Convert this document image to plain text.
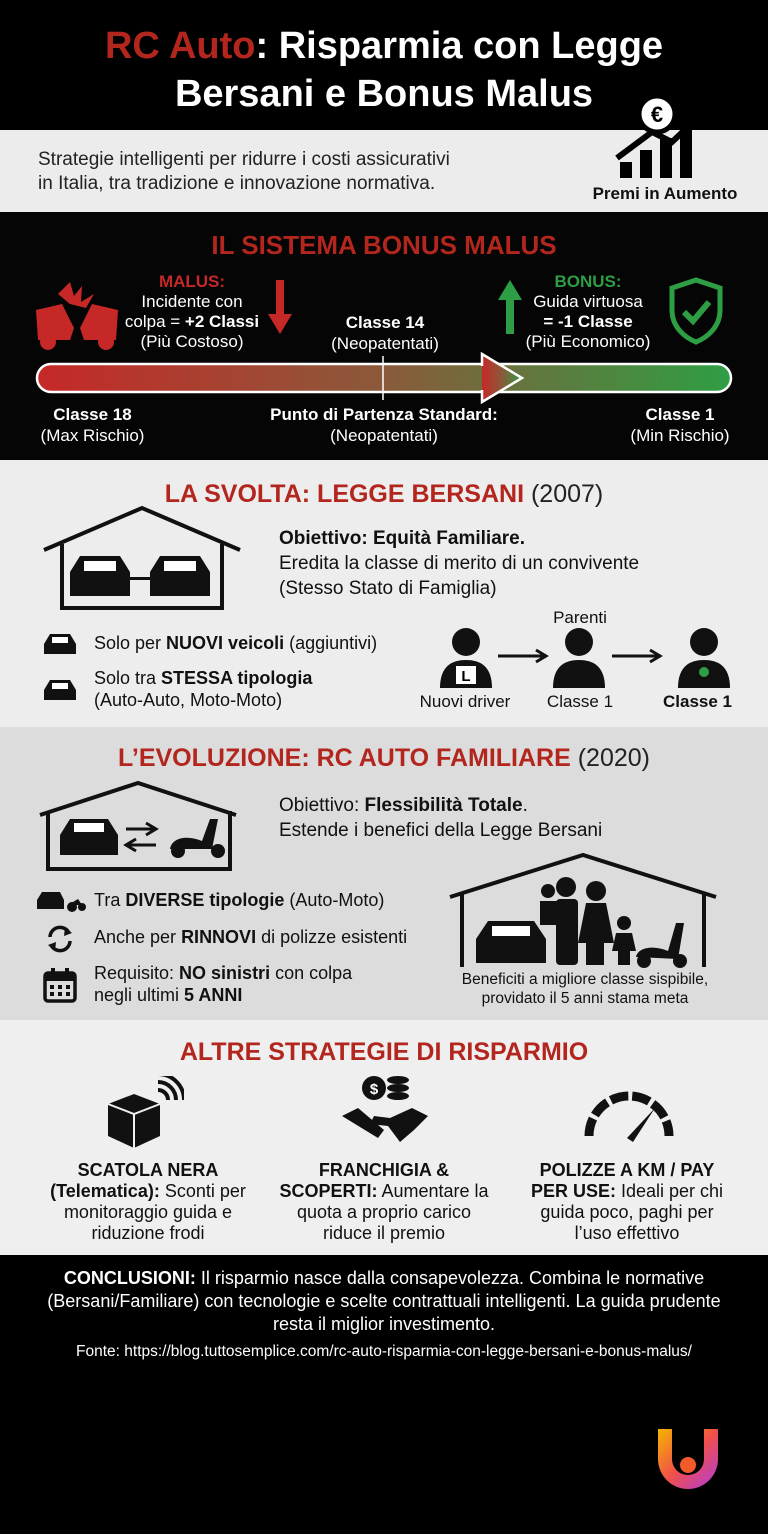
RC Auto: Risparmia con Legge
Bersani e Bonus Malus
Strategie intelligenti per ridurre i costi assicurativi
in Italia, tra tradizione e innovazione normativa.
€
Premi in Aumento
IL SISTEMA BONUS MALUS
MALUS:
Incidente con
colpa = +2 Classi
(Più Costoso)
BONUS:
Guida virtuosa
= -1 Classe
(Più Economico)
Classe 14
(Neopatentati)
Classe 18
(Max Rischio)
Punto di Partenza Standard:
(Neopatentati)
Classe 1
(Min Rischio)
LA SVOLTA: LEGGE BERSANI (2007)
Obiettivo: Equità Familiare.
Eredita la classe di merito di un convivente
(Stesso Stato di Famiglia)
Solo per NUOVI veicoli (aggiuntivi)
Solo tra STESSA tipologia
(Auto-Auto, Moto-Moto)
Parenti
L
Nuovi driver	Classe 1	Classe 1
L’EVOLUZIONE: RC AUTO FAMILIARE (2020)
Obiettivo: Flessibilità Totale.
Estende i benefici della Legge Bersani
Tra DIVERSE tipologie (Auto-Moto)
Anche per RINNOVI di polizze esistenti
Requisito: NO sinistri con colpa
negli ultimi 5 ANNI
Beneficiti a migliore classe sispibile,
providato il 5 anni stama meta
ALTRE STRATEGIE DI RISPARMIO
$
SCATOLA NERA (Telematica): Sconti per monitoraggio guida e riduzione frodi
FRANCHIGIA & SCOPERTI: Aumentare la quota a proprio carico riduce il premio
POLIZZE A KM / PAY PER USE: Ideali per chi guida poco, paghi per l’uso effettivo
CONCLUSIONI: Il risparmio nasce dalla consapevolezza. Combina le normative (Bersani/Familiare) con tecnologie e scelte contrattuali intelligenti. La guida prudente resta il miglior investimento.
Fonte: https://blog.tuttosemplice.com/rc-auto-risparmia-con-legge-bersani-e-bonus-malus/
